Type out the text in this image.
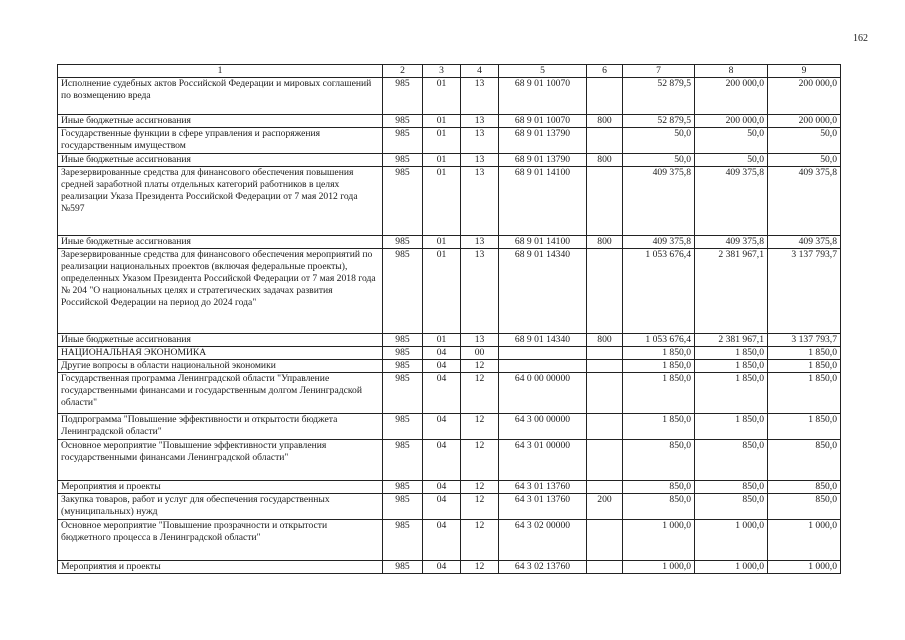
162
1	2	3	4	5	6	7	8	9
Исполнение судебных актов Российской Федерации и мировых соглашений по возмещению вреда	985	01	13	68 9 01 10070		52 879,5	200 000,0	200 000,0
Иные бюджетные ассигнования	985	01	13	68 9 01 10070	800	52 879,5	200 000,0	200 000,0
Государственные функции в сфере управления и распоряжения государственным имуществом	985	01	13	68 9 01 13790		50,0	50,0	50,0
Иные бюджетные ассигнования	985	01	13	68 9 01 13790	800	50,0	50,0	50,0
Зарезервированные средства для финансового обеспечения повышения средней заработной платы отдельных категорий работников в целях реализации Указа Президента Российской Федерации от 7 мая 2012 года №597	985	01	13	68 9 01 14100		409 375,8	409 375,8	409 375,8
Иные бюджетные ассигнования	985	01	13	68 9 01 14100	800	409 375,8	409 375,8	409 375,8
Зарезервированные средства для финансового обеспечения мероприятий по реализации национальных проектов (включая федеральные проекты), определенных Указом Президента Российской Федерации от 7 мая 2018 года № 204 "О национальных целях и стратегических задачах развития Российской Федерации на период до 2024 года"	985	01	13	68 9 01 14340		1 053 676,4	2 381 967,1	3 137 793,7
Иные бюджетные ассигнования	985	01	13	68 9 01 14340	800	1 053 676,4	2 381 967,1	3 137 793,7
НАЦИОНАЛЬНАЯ ЭКОНОМИКА	985	04	00			1 850,0	1 850,0	1 850,0
Другие вопросы в области национальной экономики	985	04	12			1 850,0	1 850,0	1 850,0
Государственная программа Ленинградской области "Управление государственными финансами и государственным долгом Ленинградской области"	985	04	12	64 0 00 00000		1 850,0	1 850,0	1 850,0
Подпрограмма "Повышение эффективности и открытости бюджета Ленинградской области"	985	04	12	64 3 00 00000		1 850,0	1 850,0	1 850,0
Основное мероприятие "Повышение эффективности управления государственными финансами Ленинградской области"	985	04	12	64 3 01 00000		850,0	850,0	850,0
Мероприятия и проекты	985	04	12	64 3 01 13760		850,0	850,0	850,0
Закупка товаров, работ и услуг для обеспечения государственных (муниципальных) нужд	985	04	12	64 3 01 13760	200	850,0	850,0	850,0
Основное мероприятие "Повышение прозрачности и открытости бюджетного процесса в Ленинградской области"	985	04	12	64 3 02 00000		1 000,0	1 000,0	1 000,0
Мероприятия и проекты	985	04	12	64 3 02 13760		1 000,0	1 000,0	1 000,0
